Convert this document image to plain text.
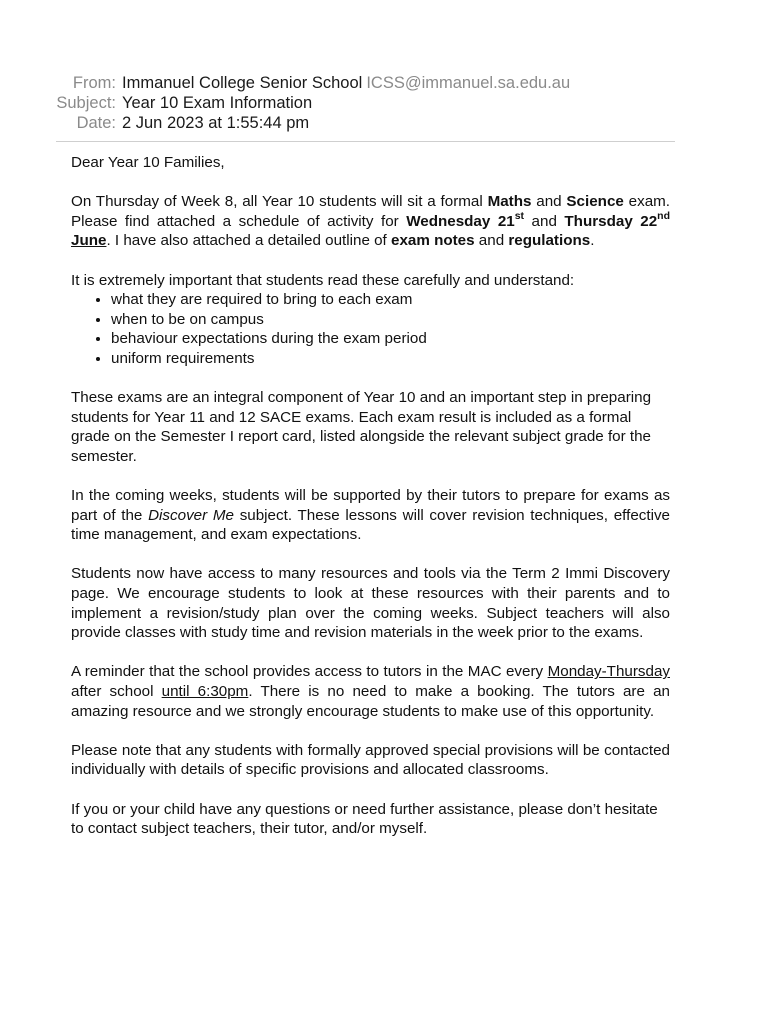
From: Immanuel College Senior School ICSS@immanuel.sa.edu.au
Subject: Year 10 Exam Information
Date: 2 Jun 2023 at 1:55:44 pm

Dear Year 10 Families,

On Thursday of Week 8, all Year 10 students will sit a formal Maths and Science exam. Please find attached a schedule of activity for Wednesday 21st and Thursday 22nd June. I have also attached a detailed outline of exam notes and regulations.

It is extremely important that students read these carefully and understand:

• what they are required to bring to each exam
• when to be on campus
• behaviour expectations during the exam period
• uniform requirements

These exams are an integral component of Year 10 and an important step in preparing students for Year 11 and 12 SACE exams. Each exam result is included as a formal grade on the Semester I report card, listed alongside the relevant subject grade for the semester.

In the coming weeks, students will be supported by their tutors to prepare for exams as part of the Discover Me subject. These lessons will cover revision techniques, effective time management, and exam expectations.

Students now have access to many resources and tools via the Term 2 Immi Discovery page. We encourage students to look at these resources with their parents and to implement a revision/study plan over the coming weeks. Subject teachers will also provide classes with study time and revision materials in the week prior to the exams.

A reminder that the school provides access to tutors in the MAC every Monday-Thursday after school until 6:30pm. There is no need to make a booking. The tutors are an amazing resource and we strongly encourage students to make use of this opportunity.

Please note that any students with formally approved special provisions will be contacted individually with details of specific provisions and allocated classrooms.

If you or your child have any questions or need further assistance, please don’t hesitate to contact subject teachers, their tutor, and/or myself.
